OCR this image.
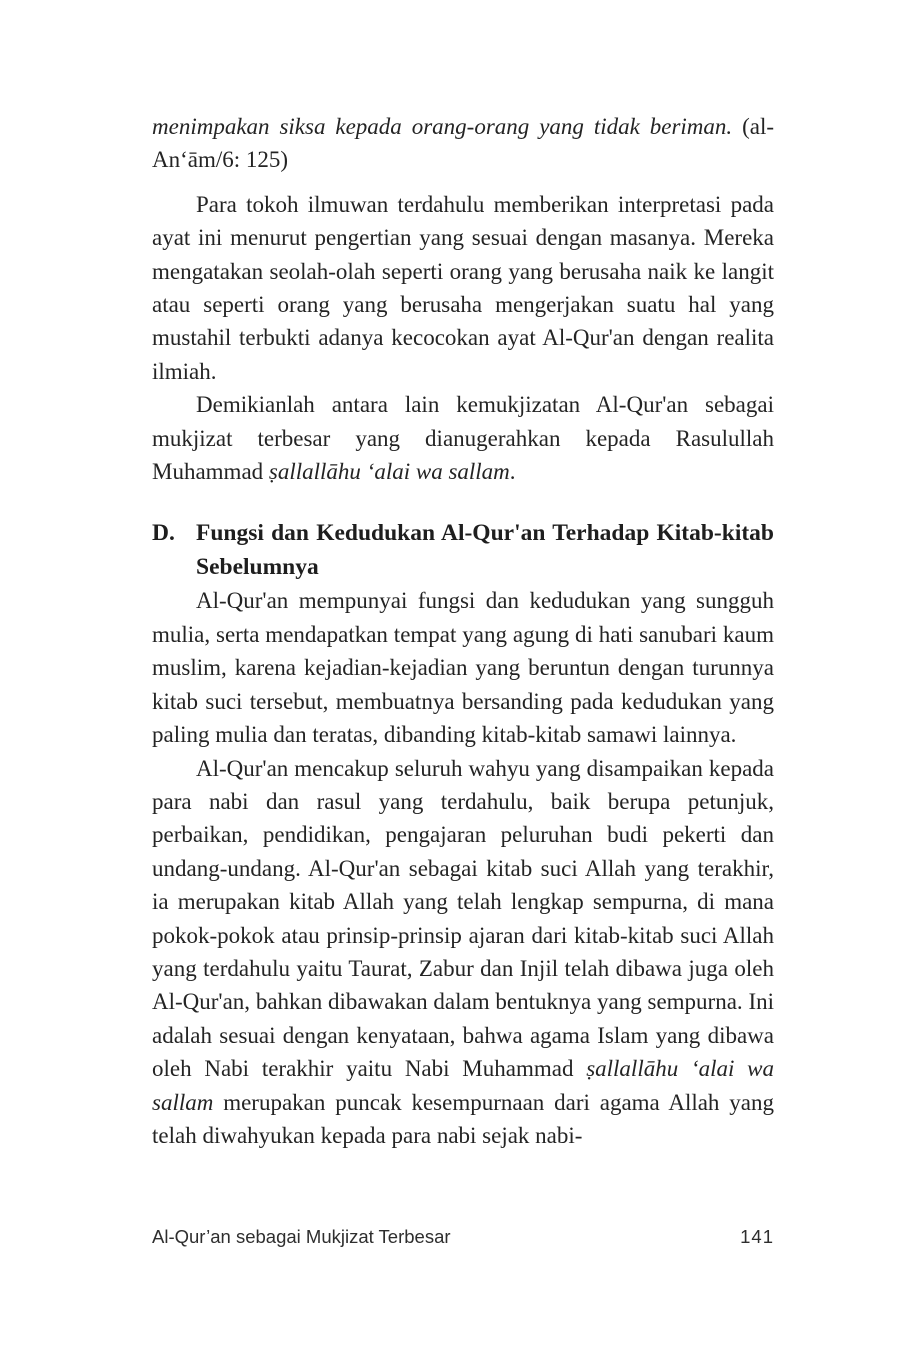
menimpakan siksa kepada orang-orang yang tidak beriman. (al-An‘ām/6: 125)

Para tokoh ilmuwan terdahulu memberikan interpretasi pada ayat ini menurut pengertian yang sesuai dengan masanya. Mereka mengatakan seolah-olah seperti orang yang berusaha naik ke langit atau seperti orang yang berusaha mengerjakan suatu hal yang mustahil terbukti adanya kecocokan ayat Al-Qur'an dengan realita ilmiah.

Demikianlah antara lain kemukjizatan Al-Qur'an sebagai mukjizat terbesar yang dianugerahkan kepada Rasulullah Muhammad ṣallallāhu ‘alai wa sallam.

D. Fungsi dan Kedudukan Al-Qur'an Terhadap Kitab-kitab Sebelumnya

Al-Qur'an mempunyai fungsi dan kedudukan yang sungguh mulia, serta mendapatkan tempat yang agung di hati sanubari kaum muslim, karena kejadian-kejadian yang beruntun dengan turunnya kitab suci tersebut, membuatnya bersanding pada kedudukan yang paling mulia dan teratas, dibanding kitab-kitab samawi lainnya.

Al-Qur'an mencakup seluruh wahyu yang disampaikan kepada para nabi dan rasul yang terdahulu, baik berupa petunjuk, perbaikan, pendidikan, pengajaran peluruhan budi pekerti dan undang-undang. Al-Qur'an sebagai kitab suci Allah yang terakhir, ia merupakan kitab Allah yang telah lengkap sempurna, di mana pokok-pokok atau prinsip-prinsip ajaran dari kitab-kitab suci Allah yang terdahulu yaitu Taurat, Zabur dan Injil telah dibawa juga oleh Al-Qur'an, bahkan dibawakan dalam bentuknya yang sempurna. Ini adalah sesuai dengan kenyataan, bahwa agama Islam yang dibawa oleh Nabi terakhir yaitu Nabi Muhammad ṣallallāhu ‘alai wa sallam merupakan puncak kesempurnaan dari agama Allah yang telah diwahyukan kepada para nabi sejak nabi-

Al-Qur’an sebagai Mukjizat Terbesar	141
